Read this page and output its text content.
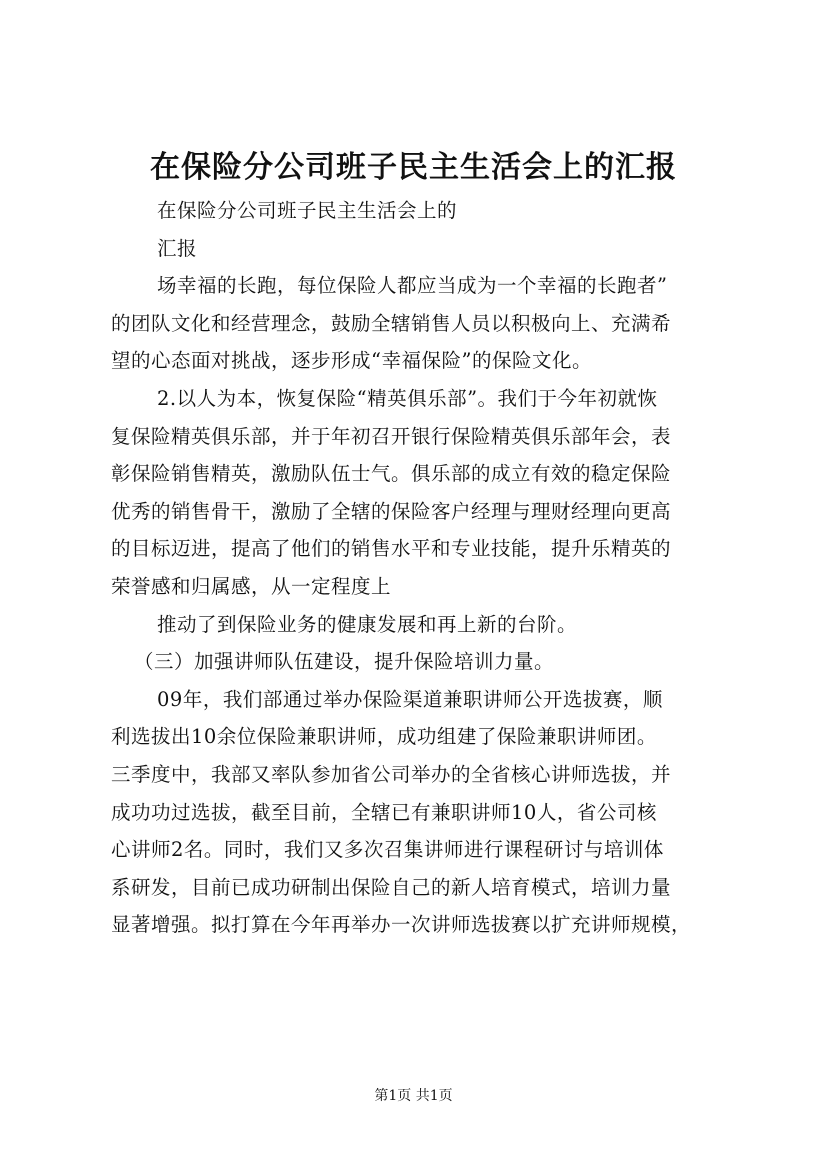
在保险分公司班子民主生活会上的汇报
在保险分公司班子民主生活会上的
汇报
场幸福的长跑，每位保险人都应当成为一个幸福的长跑者”
的团队文化和经营理念，鼓励全辖销售人员以积极向上、充满希
望的心态面对挑战，逐步形成“幸福保险”的保险文化。
2.以人为本，恢复保险“精英俱乐部”。我们于今年初就恢
复保险精英俱乐部，并于年初召开银行保险精英俱乐部年会，表
彰保险销售精英，激励队伍士气。俱乐部的成立有效的稳定保险
优秀的销售骨干，激励了全辖的保险客户经理与理财经理向更高
的目标迈进，提高了他们的销售水平和专业技能，提升乐精英的
荣誉感和归属感，从一定程度上
推动了到保险业务的健康发展和再上新的台阶。
（三）加强讲师队伍建设，提升保险培训力量。
09年，我们部通过举办保险渠道兼职讲师公开选拔赛，顺
利选拔出10余位保险兼职讲师，成功组建了保险兼职讲师团。
三季度中，我部又率队参加省公司举办的全省核心讲师选拔，并
成功功过选拔，截至目前，全辖已有兼职讲师10人，省公司核
心讲师2名。同时，我们又多次召集讲师进行课程研讨与培训体
系研发，目前已成功研制出保险自己的新人培育模式，培训力量
显著增强。拟打算在今年再举办一次讲师选拔赛以扩充讲师规模，
第1页 共1页
